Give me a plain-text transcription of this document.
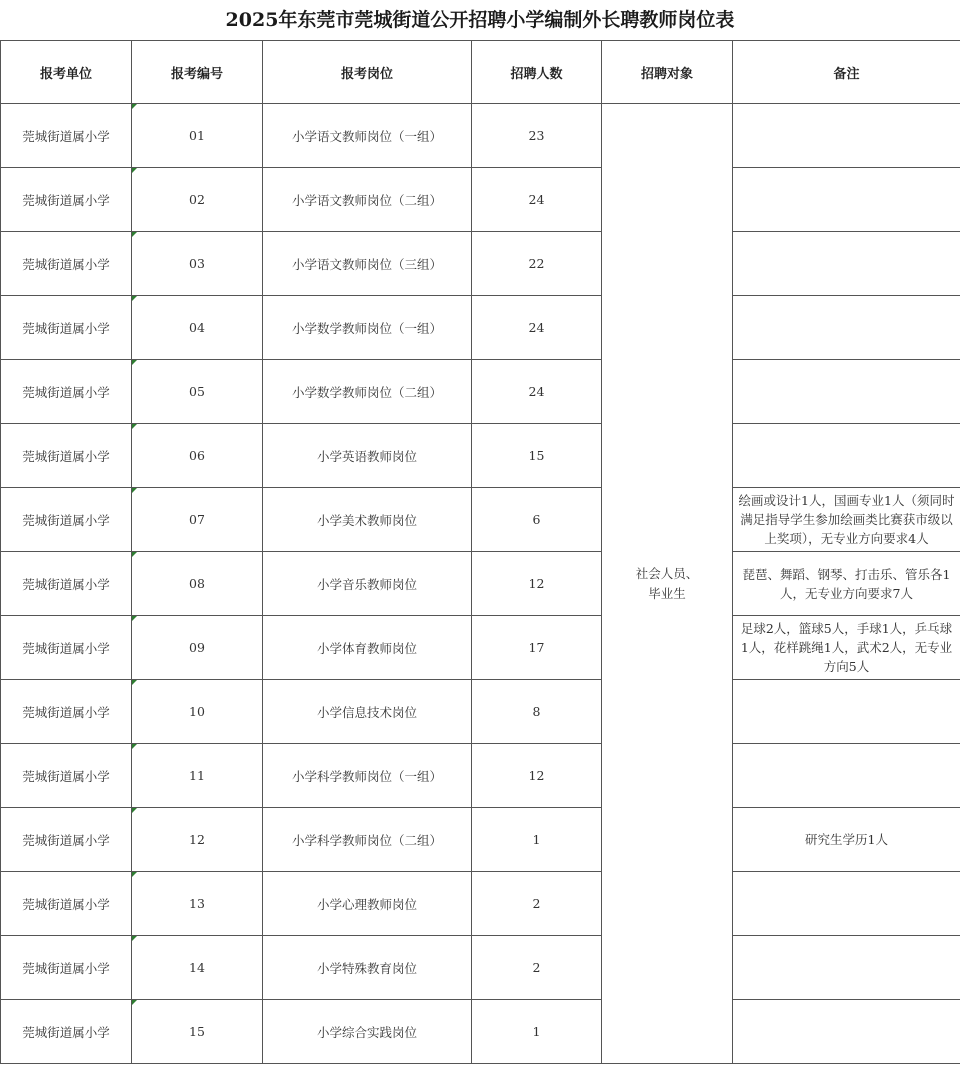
2025年东莞市莞城街道公开招聘小学编制外长聘教师岗位表
报考单位	报考编号	报考岗位	招聘人数	招聘对象	备注
莞城街道属小学	01	小学语文教师岗位（一组）	23	社会人员、
毕业生	
莞城街道属小学	02	小学语文教师岗位（二组）	24		
莞城街道属小学	03	小学语文教师岗位（三组）	22		
莞城街道属小学	04	小学数学教师岗位（一组）	24		
莞城街道属小学	05	小学数学教师岗位（二组）	24		
莞城街道属小学	06	小学英语教师岗位	15		
莞城街道属小学	07	小学美术教师岗位	6		绘画或设计1人，国画专业1人（须同时满足指导学生参加绘画类比赛获市级以上奖项），无专业方向要求4人
莞城街道属小学	08	小学音乐教师岗位	12		琵琶、舞蹈、钢琴、打击乐、管乐各1人，无专业方向要求7人
莞城街道属小学	09	小学体育教师岗位	17		足球2人，篮球5人，手球1人，乒乓球1人，花样跳绳1人，武术2人，无专业方向5人
莞城街道属小学	10	小学信息技术岗位	8		
莞城街道属小学	11	小学科学教师岗位（一组）	12		
莞城街道属小学	12	小学科学教师岗位（二组）	1		研究生学历1人
莞城街道属小学	13	小学心理教师岗位	2		
莞城街道属小学	14	小学特殊教育岗位	2		
莞城街道属小学	15	小学综合实践岗位	1		
